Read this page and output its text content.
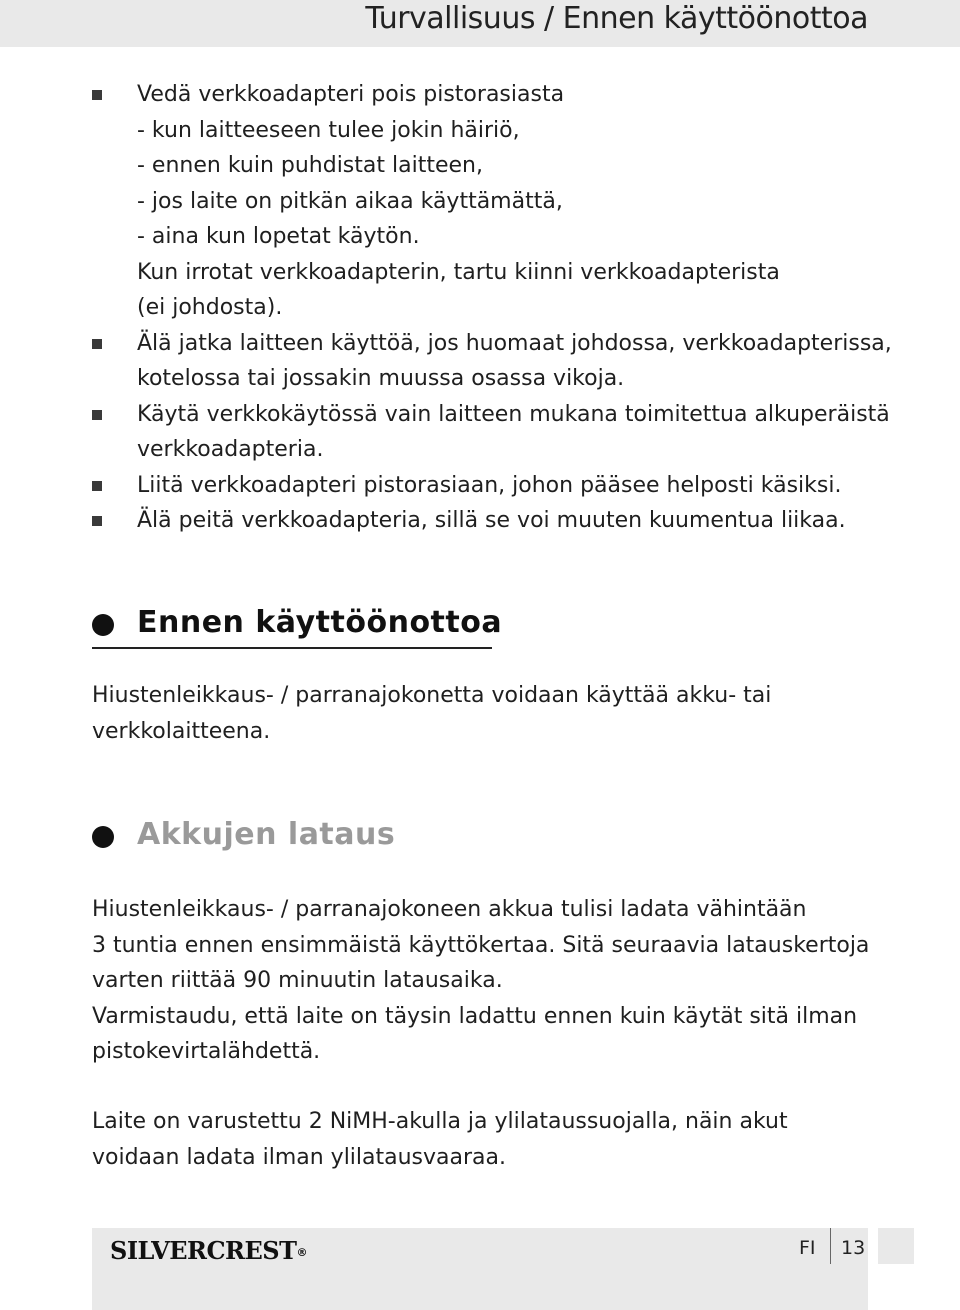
Turvallisuus / Ennen käyttöönottoa
Vedä verkkoadapteri pois pistorasiasta
- kun laitteeseen tulee jokin häiriö,
- ennen kuin puhdistat laitteen,
- jos laite on pitkän aikaa käyttämättä,
- aina kun lopetat käytön.
Kun irrotat verkkoadapterin, tartu kiinni verkkoadapterista
(ei johdosta).
Älä jatka laitteen käyttöä, jos huomaat johdossa, verkkoadapterissa,
kotelossa tai jossakin muussa osassa vikoja.
Käytä verkkokäytössä vain laitteen mukana toimitettua alkuperäistä
verkkoadapteria.
Liitä verkkoadapteri pistorasiaan, johon pääsee helposti käsiksi.
Älä peitä verkkoadapteria, sillä se voi muuten kuumentua liikaa.
Ennen käyttöönottoa
Hiustenleikkaus- / parranajokonetta voidaan käyttää akku- tai
verkkolaitteena.
Akkujen lataus
Hiustenleikkaus- / parranajokoneen akkua tulisi ladata vähintään
3 tuntia ennen ensimmäistä käyttökertaa. Sitä seuraavia latauskertoja
varten riittää 90 minuutin latausaika.
Varmistaudu, että laite on täysin ladattu ennen kuin käytät sitä ilman
pistokevirtalähdettä.
Laite on varustettu 2 NiMH-akulla ja ylilataussuojalla, näin akut
voidaan ladata ilman ylilatausvaaraa.
SILVERCREST®	FI 13
